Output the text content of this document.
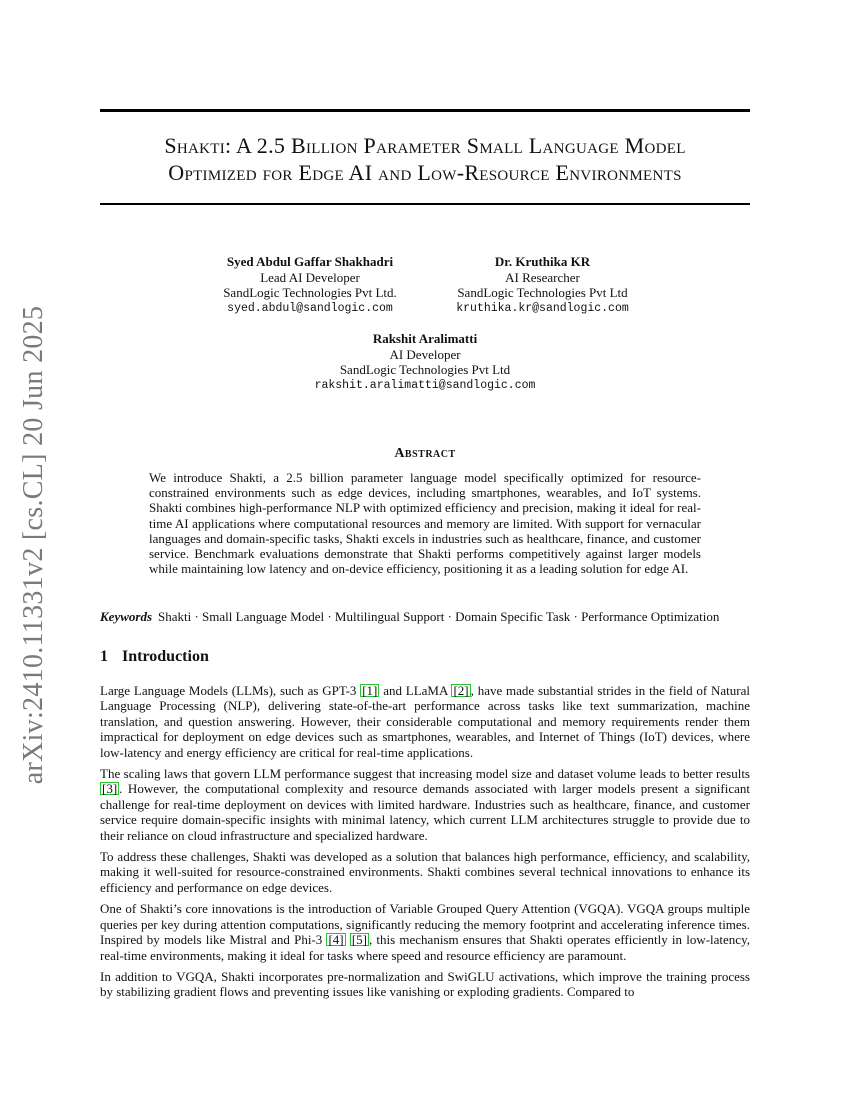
arXiv:2410.11331v2 [cs.CL] 20 Jun 2025
Shakti: A 2.5 Billion Parameter Small Language Model
Optimized for Edge AI and Low-Resource Environments
Syed Abdul Gaffar Shakhadri
Lead AI Developer
SandLogic Technologies Pvt Ltd.
syed.abdul@sandlogic.com
Dr. Kruthika KR
AI Researcher
SandLogic Technologies Pvt Ltd
kruthika.kr@sandlogic.com
Rakshit Aralimatti
AI Developer
SandLogic Technologies Pvt Ltd
rakshit.aralimatti@sandlogic.com
Abstract
We introduce Shakti, a 2.5 billion parameter language model specifically optimized for resource-constrained environments such as edge devices, including smartphones, wearables, and IoT systems. Shakti combines high-performance NLP with optimized efficiency and precision, making it ideal for real-time AI applications where computational resources and memory are limited. With support for vernacular languages and domain-specific tasks, Shakti excels in industries such as healthcare, finance, and customer service. Benchmark evaluations demonstrate that Shakti performs competitively against larger models while maintaining low latency and on-device efficiency, positioning it as a leading solution for edge AI.
Keywords Shakti · Small Language Model · Multilingual Support · Domain Specific Task · Performance Optimization
1 Introduction

Large Language Models (LLMs), such as GPT-3 [1] and LLaMA [2] , have made substantial strides in the field of Natural Language Processing (NLP), delivering state-of-the-art performance across tasks like text summarization, machine translation, and question answering. However, their considerable computational and memory requirements render them impractical for deployment on edge devices such as smartphones, wearables, and Internet of Things (IoT) devices, where low-latency and energy efficiency are critical for real-time applications.

The scaling laws that govern LLM performance suggest that increasing model size and dataset volume leads to better results [3] . However, the computational complexity and resource demands associated with larger models present a significant challenge for real-time deployment on devices with limited hardware. Industries such as healthcare, finance, and customer service require domain-specific insights with minimal latency, which current LLM architectures struggle to provide due to their reliance on cloud infrastructure and specialized hardware.

To address these challenges, Shakti was developed as a solution that balances high performance, efficiency, and scalability, making it well-suited for resource-constrained environments. Shakti combines several technical innovations to enhance its efficiency and performance on edge devices.

One of Shakti’s core innovations is the introduction of Variable Grouped Query Attention (VGQA). VGQA groups multiple queries per key during attention computations, significantly reducing the memory footprint and accelerating inference times. Inspired by models like Mistral and Phi-3 [4] [5] , this mechanism ensures that Shakti operates efficiently in low-latency, real-time environments, making it ideal for tasks where speed and resource efficiency are paramount.

In addition to VGQA, Shakti incorporates pre-normalization and SwiGLU activations, which improve the training process by stabilizing gradient flows and preventing issues like vanishing or exploding gradients. Compared to
